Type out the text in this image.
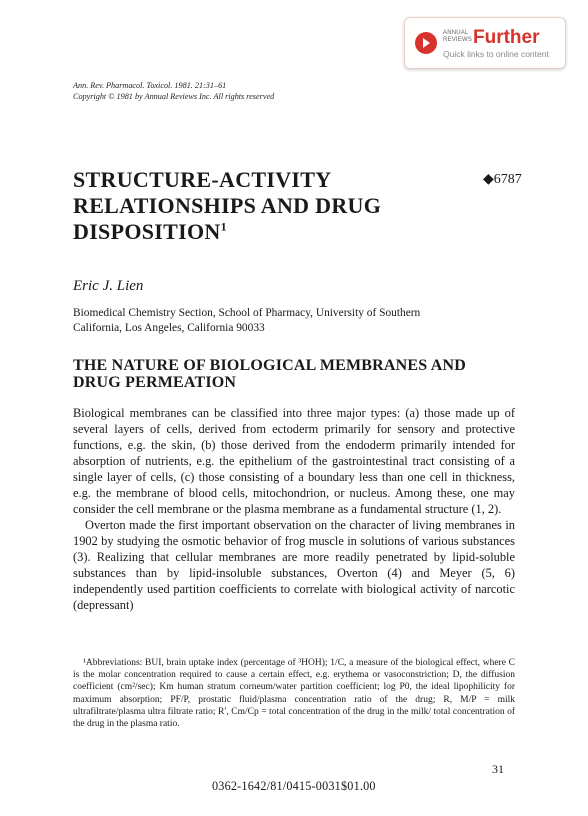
ANNUAL REVIEWS Further
Quick links to online content
Ann. Rev. Pharmacol. Toxicol. 1981. 21:31–61
Copyright © 1981 by Annual Reviews Inc. All rights reserved
STRUCTURE-ACTIVITY RELATIONSHIPS AND DRUG DISPOSITION$^1$
◆6787
Eric J. Lien
Biomedical Chemistry Section, School of Pharmacy, University of Southern California, Los Angeles, California 90033
THE NATURE OF BIOLOGICAL MEMBRANES AND DRUG PERMEATION

Biological membranes can be classified into three major types: (a) those made up of several layers of cells, derived from ectoderm primarily for sensory and protective functions, e.g. the skin, (b) those derived from the endoderm primarily intended for absorption of nutrients, e.g. the epithelium of the gastrointestinal tract consisting of a single layer of cells, (c) those consisting of a boundary less than one cell in thickness, e.g. the membrane of blood cells, mitochondrion, or nucleus. Among these, one may consider the cell membrane or the plasma membrane as a fundamental structure (1, 2).

Overton made the first important observation on the character of living membranes in 1902 by studying the osmotic behavior of frog muscle in solutions of various substances (3). Realizing that cellular membranes are more readily penetrated by lipid-soluble substances than by lipid-insoluble substances, Overton (4) and Meyer (5, 6) independently used partition coefficients to correlate with biological activity of narcotic (depressant)

¹Abbreviations: BUI, brain uptake index (percentage of ³HOH); 1/C, a measure of the biological effect, where C is the molar concentration required to cause a certain effect, e.g. erythema or vasoconstriction; D, the diffusion coefficient (cm²/sec); Km human stratum corneum/water partition coefficient; log P0, the ideal lipophilicity for maximum absorption; PF/P, prostatic fluid/plasma concentration ratio of the drug; R, M/P = milk ultrafiltrate/plasma ultra filtrate ratio; R′, Cm/Cp = total concentration of the drug in the milk/ total concentration of the drug in the plasma ratio.
31
0362-1642/81/0415-0031$01.00
